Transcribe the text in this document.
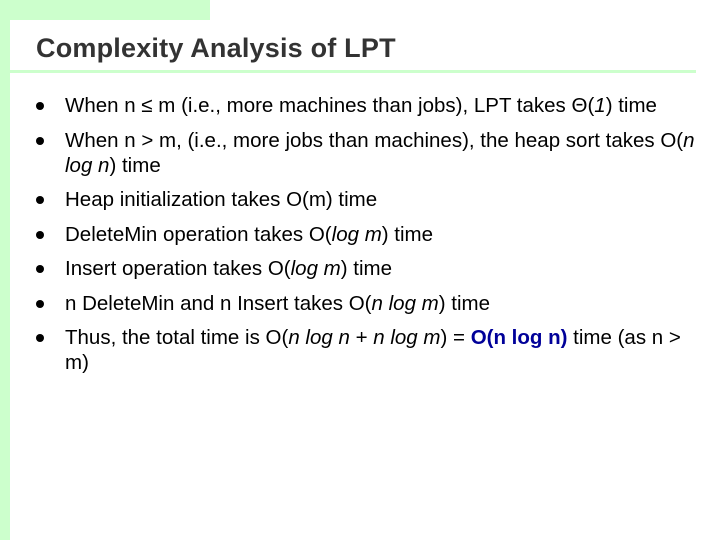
Complexity Analysis of LPT
When n ≤ m (i.e., more machines than jobs), LPT takes Θ(1) time
When n > m, (i.e., more jobs than machines), the heap sort takes O(n log n) time
Heap initialization takes O(m) time
DeleteMin operation takes O(log m) time
Insert operation takes O(log m) time
n DeleteMin and n Insert takes O(n log m) time
Thus, the total time is O(n log n + n log m) = O(n log n) time (as n > m)
